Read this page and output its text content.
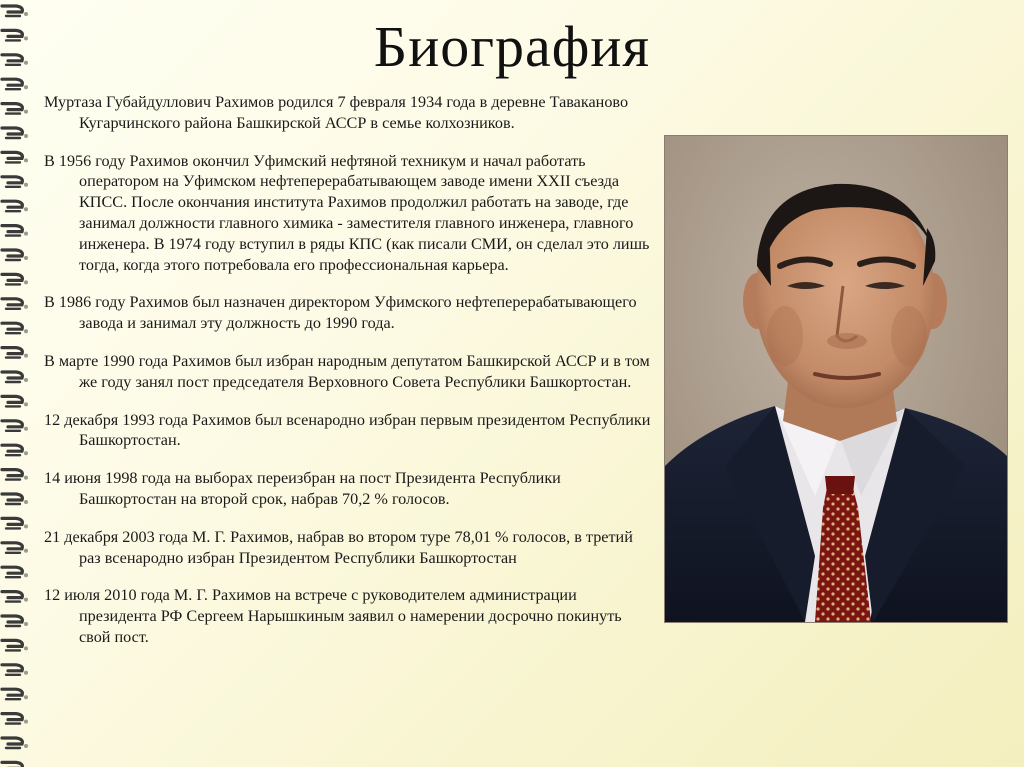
Биография

Муртаза Губайдуллович Рахимов родился 7 февраля 1934 года в деревне Таваканово Кугарчинского района Башкирской АССР в семье колхозников.

В 1956 году Рахимов окончил Уфимский нефтяной техникум и начал работать оператором на Уфимском нефтеперерабатывающем заводе имени XXII съезда КПСС. После окончания института Рахимов продолжил работать на заводе, где занимал должности главного химика - заместителя главного инженера, главного инженера. В 1974 году вступил в ряды КПС (как писали СМИ, он сделал это лишь тогда, когда этого потребовала его профессиональная карьера.

В 1986 году Рахимов был назначен директором Уфимского нефтеперерабатывающего завода и занимал эту должность до 1990 года.

В марте 1990 года Рахимов был избран народным депутатом Башкирской АССР и в том же году занял пост председателя Верховного Совета Республики Башкортостан.

12 декабря 1993 года Рахимов был всенародно избран первым президентом Республики Башкортостан.

14 июня 1998 года на выборах переизбран на пост Президента Республики Башкортостан на второй срок, набрав 70,2 % голосов.

21 декабря 2003 года М. Г. Рахимов, набрав во втором туре 78,01 % голосов, в третий раз всенародно избран Президентом Республики Башкортостан

12 июля 2010 года М. Г. Рахимов на встрече с руководителем администрации президента РФ Сергеем Нарышкиным заявил о намерении досрочно покинуть свой пост.
